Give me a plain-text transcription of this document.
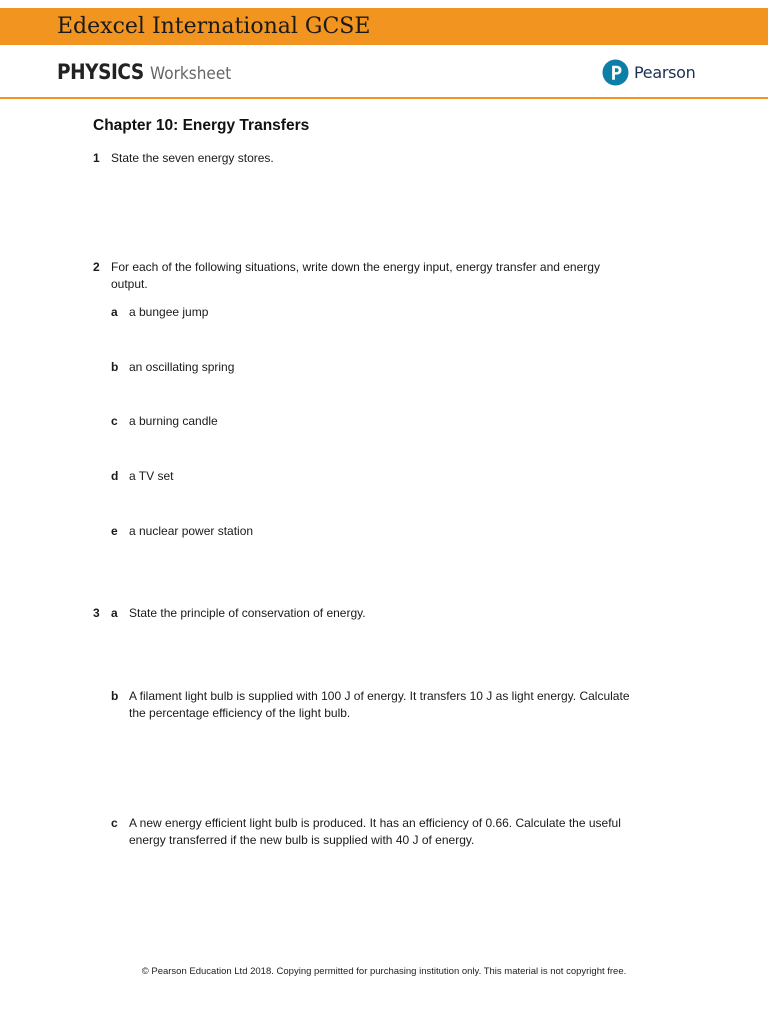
Edexcel International GCSE
PHYSICS Worksheet	Pearson
Chapter 10: Energy Transfers
1 State the seven energy stores.
2 For each of the following situations, write down the energy input, energy transfer and energy
output.
a a bungee jump
b an oscillating spring
c a burning candle
d a TV set
e a nuclear power station
3 a State the principle of conservation of energy.
b A filament light bulb is supplied with 100 J of energy. It transfers 10 J as light energy. Calculate
the percentage efficiency of the light bulb.
c A new energy efficient light bulb is produced. It has an efficiency of 0.66. Calculate the useful
energy transferred if the new bulb is supplied with 40 J of energy.
© Pearson Education Ltd 2018. Copying permitted for purchasing institution only. This material is not copyright free.
